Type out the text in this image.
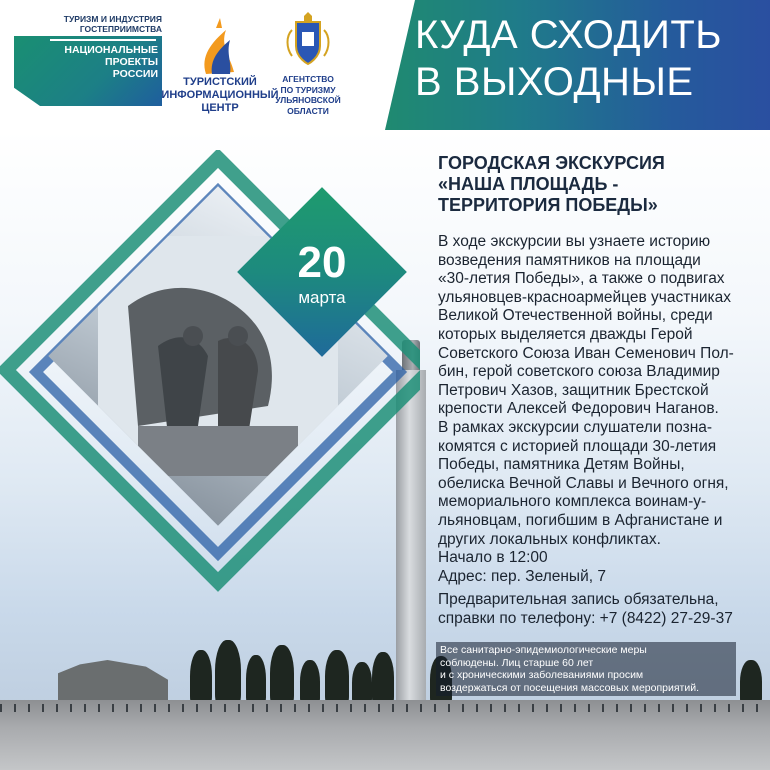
ТУРИЗМ И ИНДУСТРИЯ
ГОСТЕПРИИМСТВА
НАЦИОНАЛЬНЫЕ
ПРОЕКТЫ
РОССИИ
ТУРИСТСКИЙ
ИНФОРМАЦИОННЫЙ
ЦЕНТР
АГЕНТСТВО
ПО ТУРИЗМУ
УЛЬЯНОВСКОЙ
ОБЛАСТИ
КУДА СХОДИТЬ
В ВЫХОДНЫЕ
20
марта
ГОРОДСКАЯ ЭКСКУРСИЯ
«НАША ПЛОЩАДЬ -
ТЕРРИТОРИЯ ПОБЕДЫ»
В ходе экскурсии вы узнаете историю
возведения памятников на площади
«30-летия Победы», а также о подвигах
ульяновцев-красноармейцев участниках
Великой Отечественной войны, среди
которых выделяется дважды Герой
Советского Союза Иван Семенович Пол-
бин, герой советского союза Владимир
Петрович Хазов, защитник Брестской
крепости Алексей Федорович Наганов.
В рамках экскурсии слушатели позна-
комятся с историей площади 30-летия
Победы, памятника Детям Войны,
обелиска Вечной Славы и Вечного огня,
мемориального комплекса воинам-у-
льяновцам, погибшим в Афганистане и
других локальных конфликтах.
Начало в 12:00
Адрес: пер. Зеленый, 7
Предварительная запись обязательна,
справки по телефону: +7 (8422) 27-29-37
Все санитарно-эпидемиологические меры
соблюдены. Лиц старше 60 лет
и с хроническими заболеваниями просим
воздержаться от посещения массовых мероприятий.
